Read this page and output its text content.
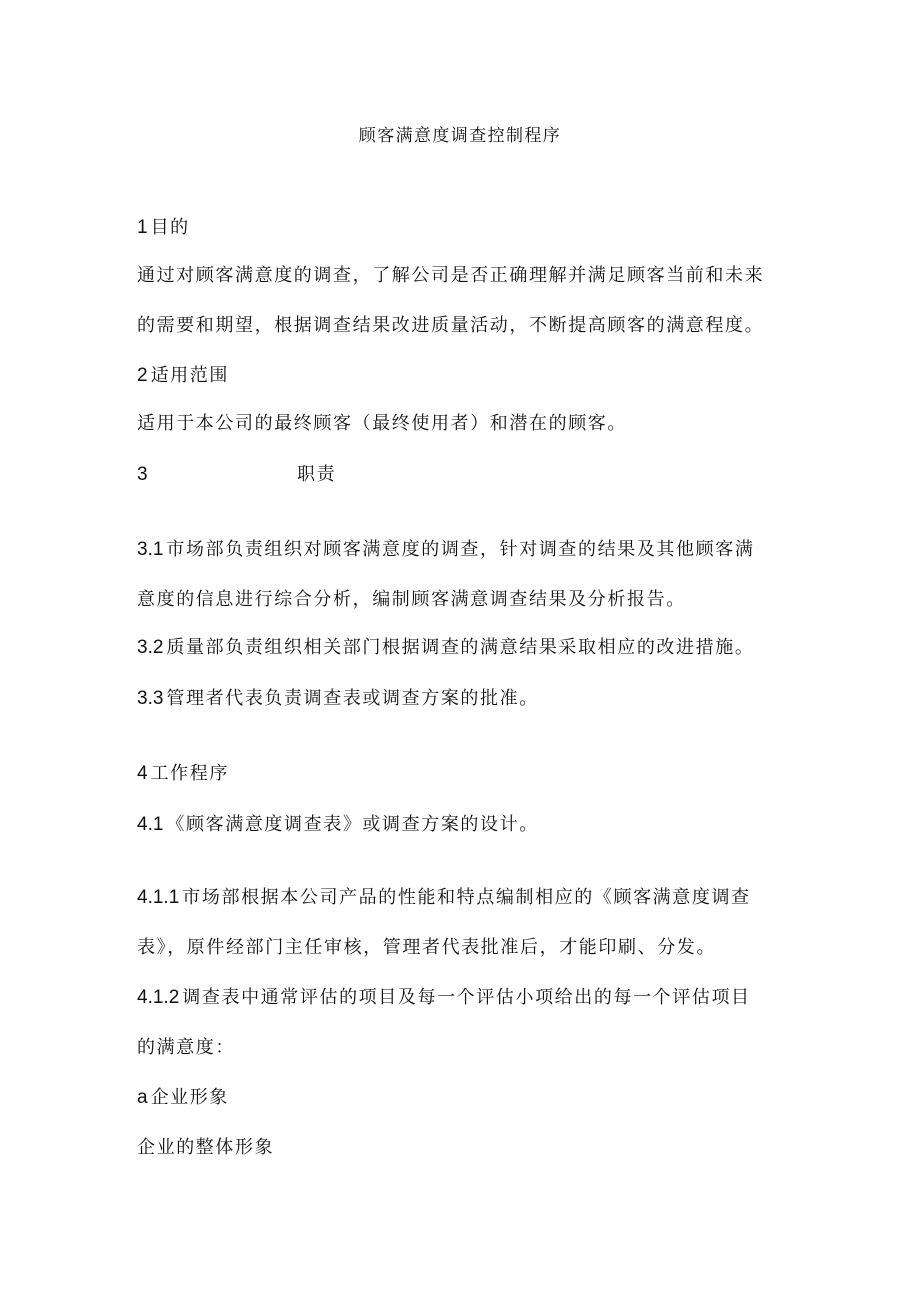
顾客满意度调查控制程序
1 目的
通过对顾客满意度的调查，了解公司是否正确理解并满足顾客当前和未来
的需要和期望，根据调查结果改进质量活动，不断提高顾客的满意程度。
2 适用范围
适用于本公司的最终顾客（最终使用者）和潜在的顾客。
3	职责
3.1 市场部负责组织对顾客满意度的调查，针对调查的结果及其他顾客满
意度的信息进行综合分析，编制顾客满意调查结果及分析报告。
3.2 质量部负责组织相关部门根据调查的满意结果采取相应的改进措施。
3.3 管理者代表负责调查表或调查方案的批准。
4 工作程序
4.1 《顾客满意度调查表》或调查方案的设计。
4.1.1 市场部根据本公司产品的性能和特点编制相应的《顾客满意度调查
表》，原件经部门主任审核，管理者代表批准后，才能印刷、分发。
4.1.2 调查表中通常评估的项目及每一个评估小项给出的每一个评估项目
的满意度：
a 企业形象
企业的整体形象
